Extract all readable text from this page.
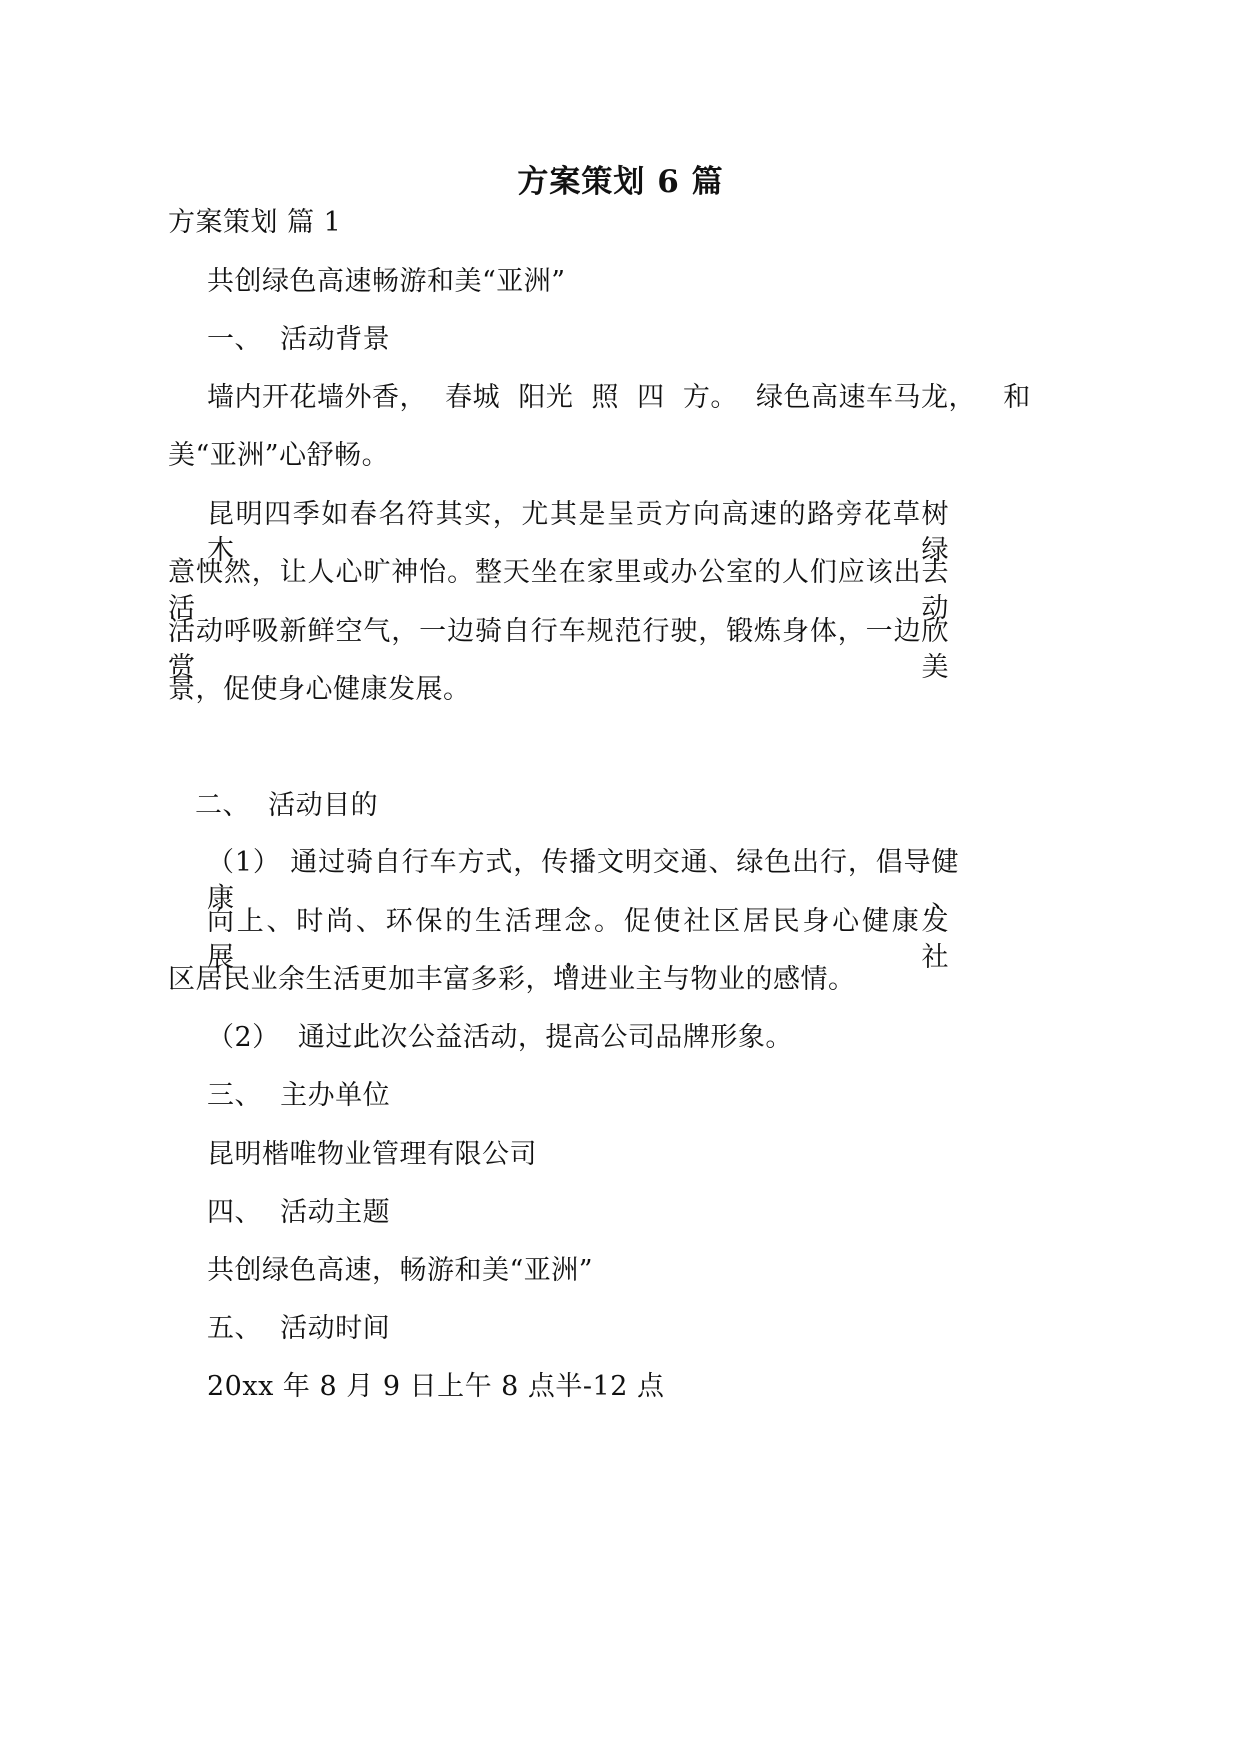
方案策划 6 篇
方案策划 篇 1
共创绿色高速畅游和美“亚洲”
一、  活动背景
墙内开花墙外香，  春城  阳光  照  四  方。  绿色高速车马龙，   和
美“亚洲”心舒畅。
昆明四季如春名符其实，尤其是呈贡方向高速的路旁花草树木绿
意怏然，让人心旷神怡。整天坐在家里或办公室的人们应该出去活动
活动呼吸新鲜空气，一边骑自行车规范行驶，锻炼身体，一边欣赏美
景，促使身心健康发展。
二、  活动目的
（1） 通过骑自行车方式，传播文明交通、绿色出行，倡导健康、
向上、时尚、环保的生活理念。促使社区居民身心健康发展，社
区居民业余生活更加丰富多彩，增进业主与物业的感情。
（2）  通过此次公益活动，提高公司品牌形象。
三、  主办单位
昆明楷唯物业管理有限公司
四、  活动主题
共创绿色高速，畅游和美“亚洲”
五、  活动时间
20xx 年 8 月 9 日上午 8 点半-12 点
